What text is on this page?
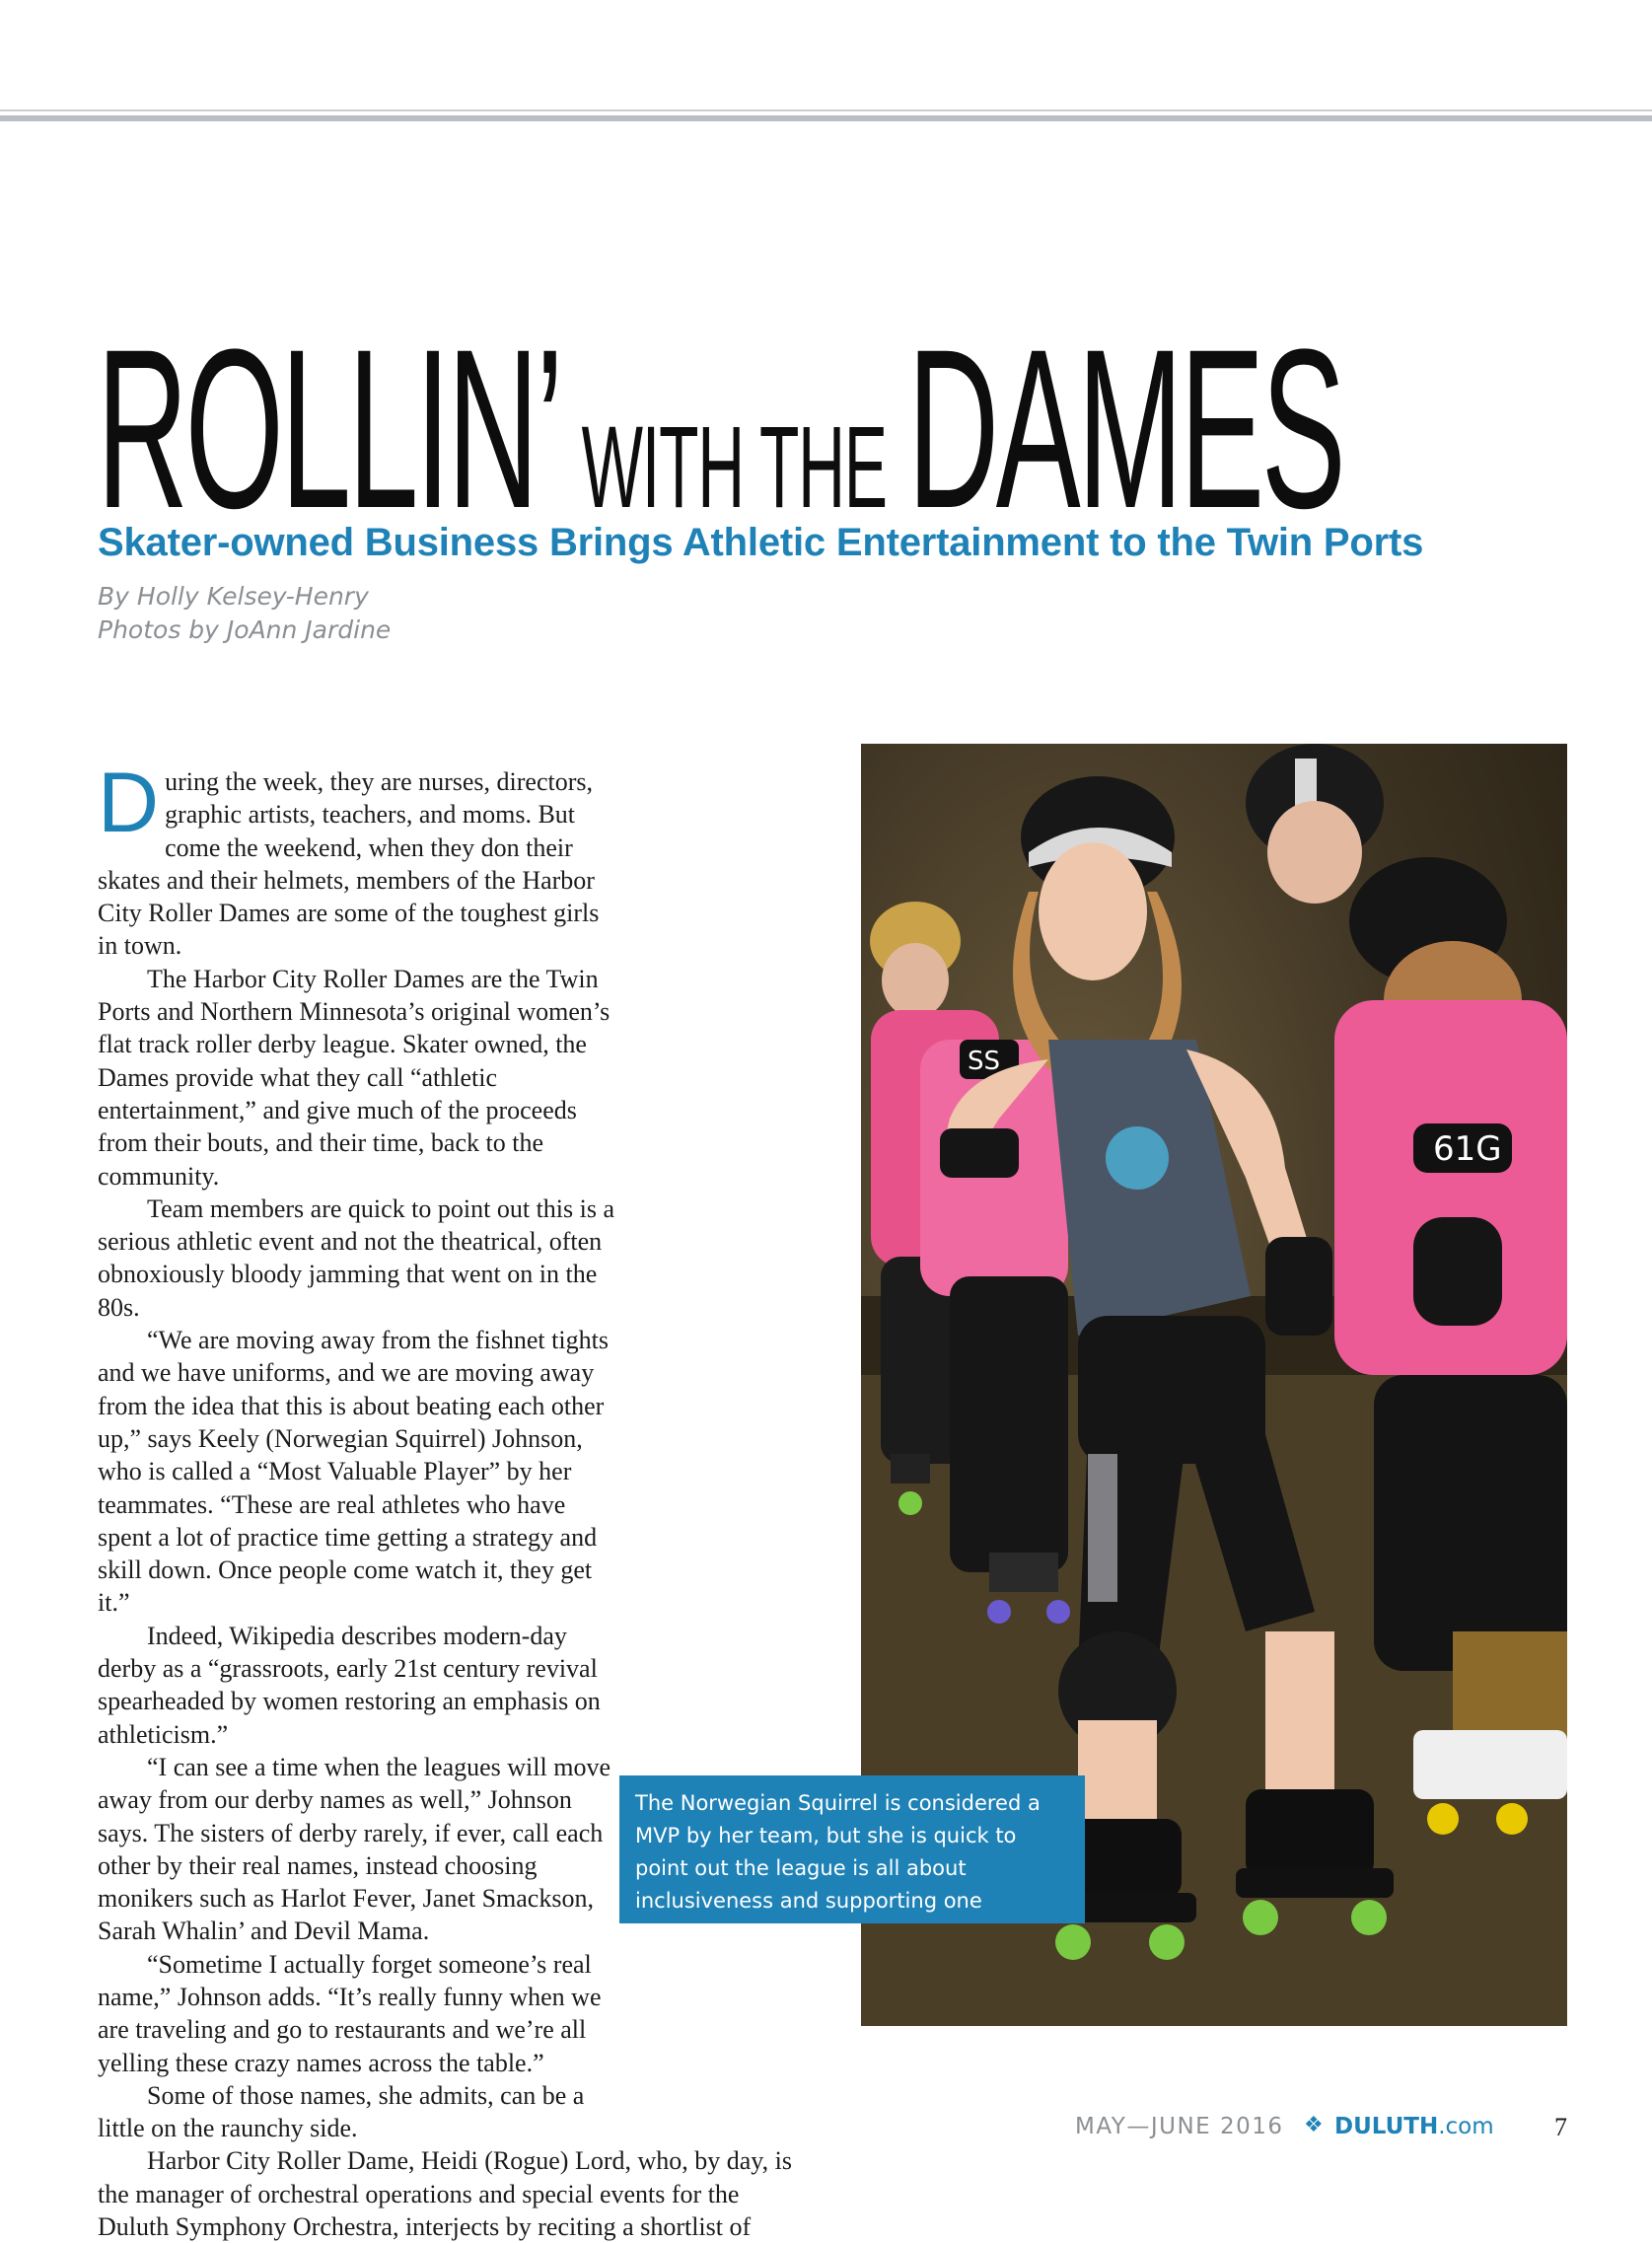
ROLLIN’ WITH THEDAMES
Skater-owned Business Brings Athletic Entertainment to the Twin Ports
By Holly Kelsey-Henry
Photos by JoAnn Jardine

During the week, they are nurses, directors, graphic artists, teachers, and moms. But come the weekend, when they don their skates and their helmets, members of the Harbor City Roller Dames are some of the toughest girls in town.

The Harbor City Roller Dames are the Twin Ports and Northern Minnesota’s original women’s flat track roller derby league. Skater owned, the Dames provide what they call “athletic entertainment,” and give much of the proceeds from their bouts, and their time, back to the community.

Team members are quick to point out this is a serious athletic event and not the theatrical, often obnoxiously bloody jamming that went on in the 80s.

“We are moving away from the fishnet tights and we have uniforms, and we are moving away from the idea that this is about beating each other up,” says Keely (Norwegian Squirrel) Johnson, who is called a “Most Valuable Player” by her teammates. “These are real athletes who have spent a lot of practice time getting a strategy and skill down. Once people come watch it, they get it.”

Indeed, Wikipedia describes modern-day derby as a “grassroots, early 21st century revival spearheaded by women restoring an emphasis on athleticism.”

“I can see a time when the leagues will move away from our derby names as well,” Johnson says. The sisters of derby rarely, if ever, call each other by their real names, instead choosing monikers such as Harlot Fever, Janet Smackson, Sarah Whalin’ and Devil Mama.

“Sometime I actually forget someone’s real name,” Johnson adds. “It’s really funny when we are traveling and go to restaurants and we’re all yelling these crazy names across the table.”

Some of those names, she admits, can be a little on the raunchy side.

Harbor City Roller Dame, Heidi (Rogue) Lord, who, by day, is the manager of orchestral operations and special events for the Duluth Symphony Orchestra, interjects by reciting a shortlist of

61G
SS
The Norwegian Squirrel is considered a MVP by her team, but she is quick to point out the league is all about inclusiveness and supporting one another.
MAY—JUNE 2016 ❖ DULUTH.com 7
